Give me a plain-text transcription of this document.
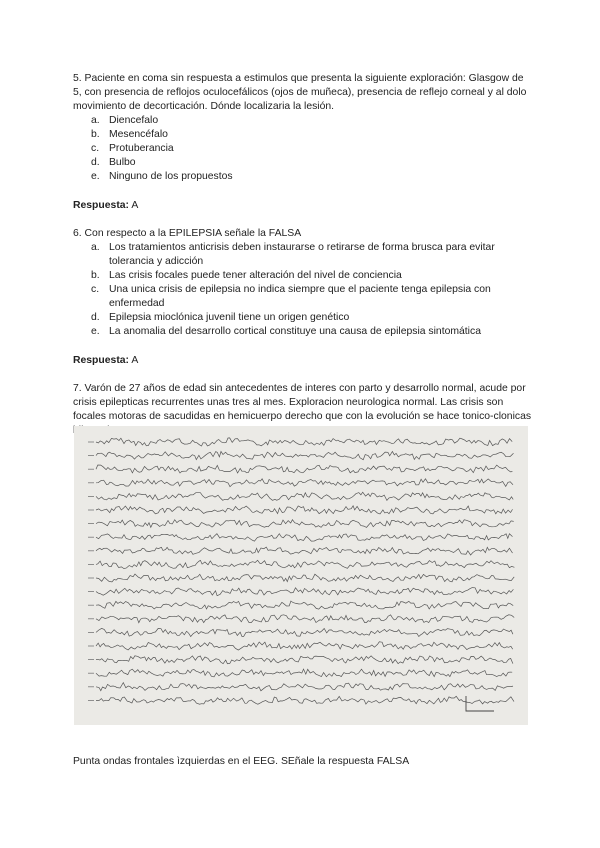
5. Paciente en coma sin respuesta a estimulos que presenta la siguiente exploración: Glasgow de 5, con presencia de reflojos oculocefálicos (ojos de muñeca), presencia de reflejo corneal y al dolo movimiento de decorticación. Dónde localizaria la lesión.

a. Diencefalo
b. Mesencéfalo
c. Protuberancia
d. Bulbo
e. Ninguno de los propuestos

Respuesta: A

6. Con respecto a la EPILEPSIA señale la FALSA

a. Los tratamientos anticrisis deben instaurarse o retirarse de forma brusca para evitar tolerancia y adicción
b. Las crisis focales puede tener alteración del nivel de conciencia
c. Una unica crisis de epilepsia no indica siempre que el paciente tenga epilepsia con enfermedad
d. Epilepsia mioclónica juvenil tiene un origen genético
e. La anomalia del desarrollo cortical constituye una causa de epilepsia sintomática

Respuesta: A

7. Varón de 27 años de edad sin antecedentes de interes con parto y desarrollo normal, acude por crisis epilepticas recurrentes unas tres al mes. Exploracion neurologica normal. Las crisis son focales motoras de sacudidas en hemicuerpo derecho que con la evolución se hace tonico-clonicas

Punta ondas frontales ìzquierdas en el EEG. SEñale la respuesta FALSA
